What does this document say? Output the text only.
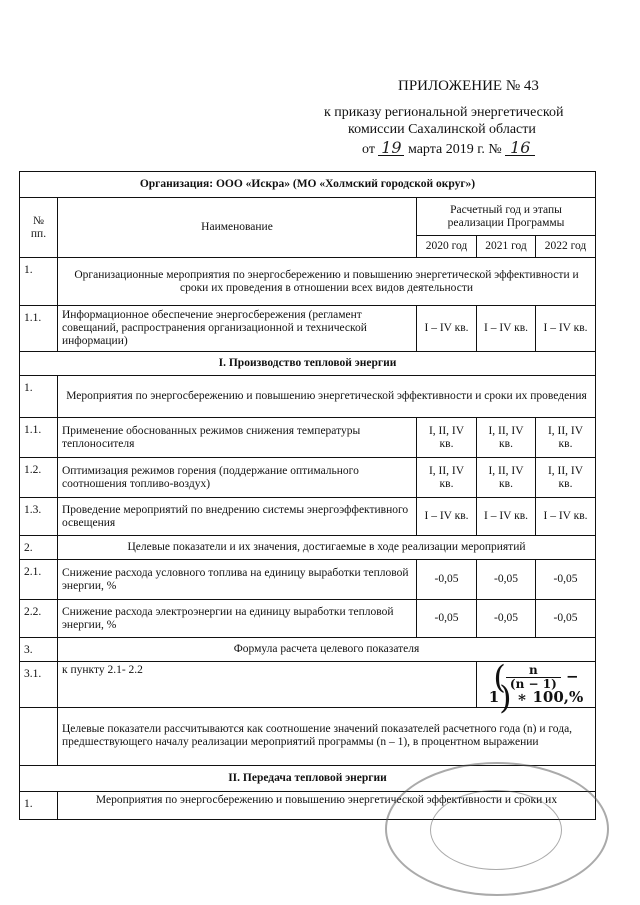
ПРИЛОЖЕНИЕ № 43
к приказу региональной энергетической
комиссии Сахалинской области
от 19 марта 2019 г. № 16
Организация: ООО «Искра» (МО «Холмский городской округ»)				
№ пп.	Наименование	Расчетный год и этапы реализации Программы		
		2020 год	2021 год	2022 год
1.	Организационные мероприятия по энергосбережению и повышению энергетической эффективности и сроки их проведения в отношении всех видов деятельности			
1.1.	Информационное обеспечение энергосбережения (регламент совещаний, распространения организационной и технической информации)	I – IV кв.	I – IV кв.	I – IV кв.
I. Производство тепловой энергии				
1.	Мероприятия по энергосбережению и повышению энергетической эффективности и сроки их проведения			
1.1.	Применение обоснованных режимов снижения температуры теплоносителя	I, II, IV кв.	I, II, IV кв.	I, II, IV кв.
1.2.	Оптимизация режимов горения (поддержание оптимального соотношения топливо-воздух)	I, II, IV кв.	I, II, IV кв.	I, II, IV кв.
1.3.	Проведение мероприятий по внедрению системы энергоэффективного освещения	I – IV кв.	I – IV кв.	I – IV кв.
2.	Целевые показатели и их значения, достигаемые в ходе реализации мероприятий			
2.1.	Снижение расхода условного топлива на единицу выработки тепловой энергии, %	-0,05	-0,05	-0,05
2.2.	Снижение расхода электроэнергии на единицу выработки тепловой энергии, %	-0,05	-0,05	-0,05
3.	Формула расчета целевого показателя			
3.1.	к пункту 2.1- 2.2		( $\frac{n}{(n - 1)} - 1$) ∗ 100,%	
	Целевые показатели рассчитываются как соотношение значений показателей расчетного года (n) и года, предшествующего началу реализации мероприятий программы (n – 1), в процентном выражении			
II. Передача тепловой энергии				
1.	Мероприятия по энергосбережению и повышению энергетической эффективности и сроки их			
